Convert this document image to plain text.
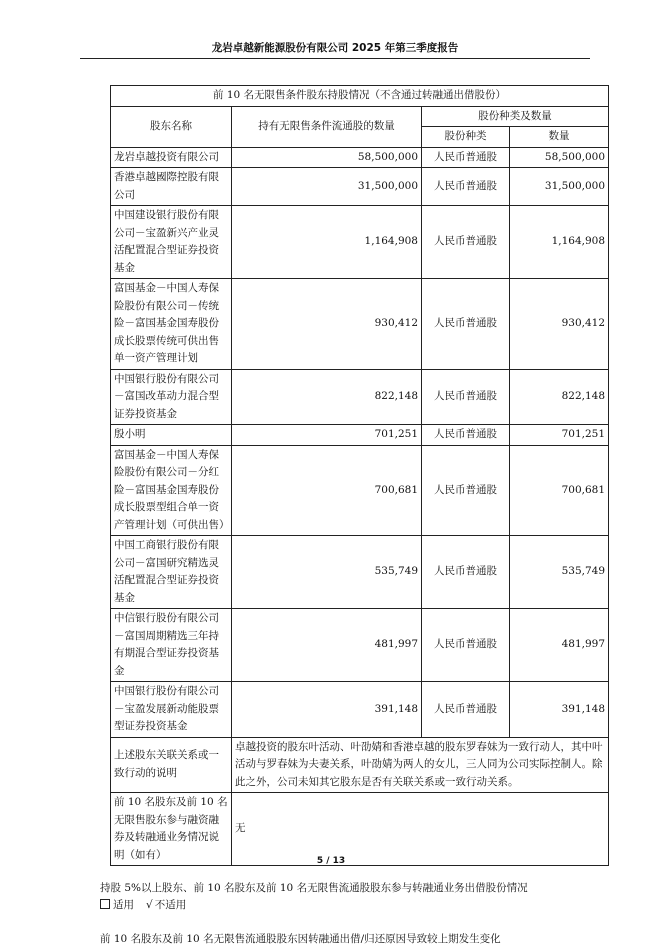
龙岩卓越新能源股份有限公司 2025 年第三季度报告
前 10 名无限售条件股东持股情况（不含通过转融通出借股份）			
股东名称	持有无限售条件流通股的数量	股份种类及数量	
		股份种类	数量
龙岩卓越投资有限公司	58,500,000	人民币普通股	58,500,000
香港卓越國際控股有限公司	31,500,000	人民币普通股	31,500,000
中国建设银行股份有限公司－宝盈新兴产业灵活配置混合型证券投资基金	1,164,908	人民币普通股	1,164,908
富国基金－中国人寿保险股份有限公司－传统险－富国基金国寿股份成长股票传统可供出售单一资产管理计划	930,412	人民币普通股	930,412
中国银行股份有限公司－富国改革动力混合型证券投资基金	822,148	人民币普通股	822,148
殷小明	701,251	人民币普通股	701,251
富国基金－中国人寿保险股份有限公司－分红险－富国基金国寿股份成长股票型组合单一资产管理计划（可供出售）	700,681	人民币普通股	700,681
中国工商银行股份有限公司－富国研究精选灵活配置混合型证券投资基金	535,749	人民币普通股	535,749
中信银行股份有限公司－富国周期精选三年持有期混合型证券投资基金	481,997	人民币普通股	481,997
中国银行股份有限公司－宝盈发展新动能股票型证券投资基金	391,148	人民币普通股	391,148
上述股东关联关系或一致行动的说明	卓越投资的股东叶活动、叶劭婧和香港卓越的股东罗春妹为一致行动人，其中叶活动与罗春妹为夫妻关系，叶劭婧为两人的女儿，三人同为公司实际控制人。除此之外，公司未知其它股东是否有关联关系或一致行动关系。		
前 10 名股东及前 10 名无限售股东参与融资融券及转融通业务情况说明（如有）	无		
持股 5%以上股东、前 10 名股东及前 10 名无限售流通股股东参与转融通业务出借股份情况
适用 √ 不适用
前 10 名股东及前 10 名无限售流通股股东因转融通出借/归还原因导致较上期发生变化
5 / 13
